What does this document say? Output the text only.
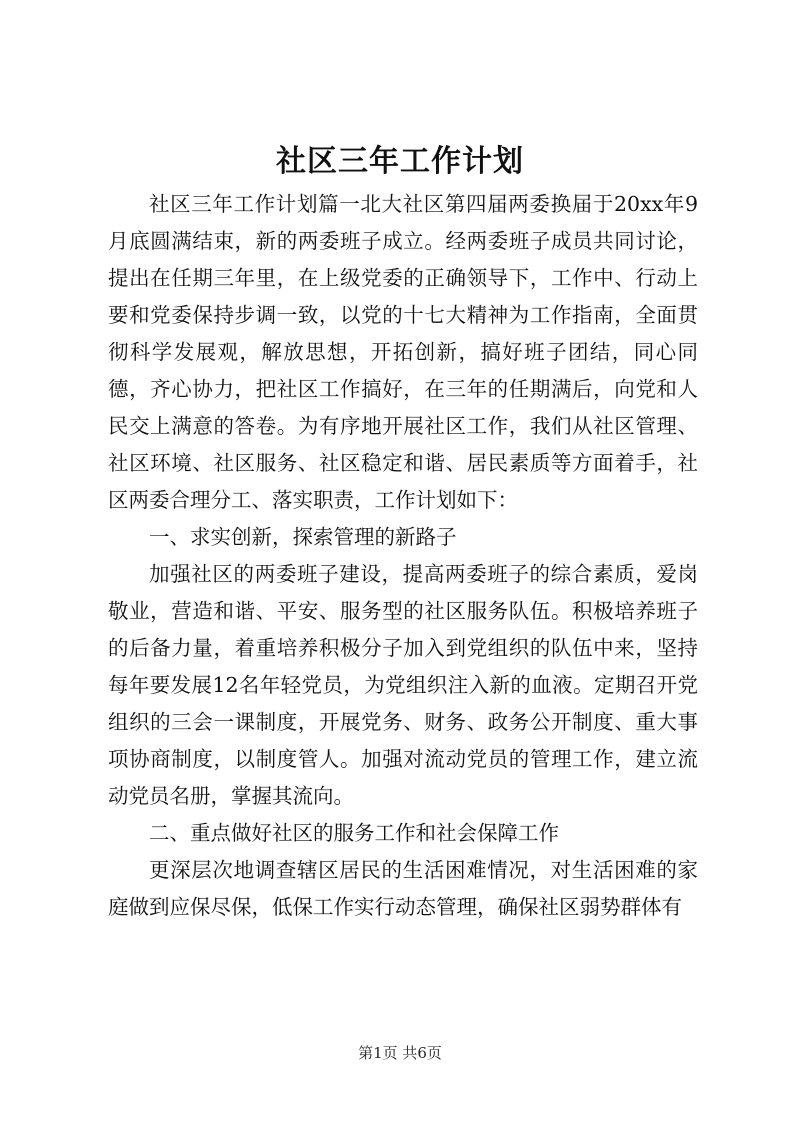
社区三年工作计划

社区三年工作计划篇一北大社区第四届两委换届于20xx年9月底圆满结束，新的两委班子成立。经两委班子成员共同讨论，提出在任期三年里，在上级党委的正确领导下，工作中、行动上要和党委保持步调一致，以党的十七大精神为工作指南，全面贯彻科学发展观，解放思想，开拓创新，搞好班子团结，同心同德，齐心协力，把社区工作搞好，在三年的任期满后，向党和人民交上满意的答卷。为有序地开展社区工作，我们从社区管理、社区环境、社区服务、社区稳定和谐、居民素质等方面着手，社区两委合理分工、落实职责，工作计划如下：

一、求实创新，探索管理的新路子

加强社区的两委班子建设，提高两委班子的综合素质，爱岗敬业，营造和谐、平安、服务型的社区服务队伍。积极培养班子的后备力量，着重培养积极分子加入到党组织的队伍中来，坚持每年要发展12名年轻党员，为党组织注入新的血液。定期召开党组织的三会一课制度，开展党务、财务、政务公开制度、重大事项协商制度，以制度管人。加强对流动党员的管理工作，建立流动党员名册，掌握其流向。

二、重点做好社区的服务工作和社会保障工作

更深层次地调查辖区居民的生活困难情况，对生活困难的家庭做到应保尽保，低保工作实行动态管理，确保社区弱势群体有

第1页 共6页
